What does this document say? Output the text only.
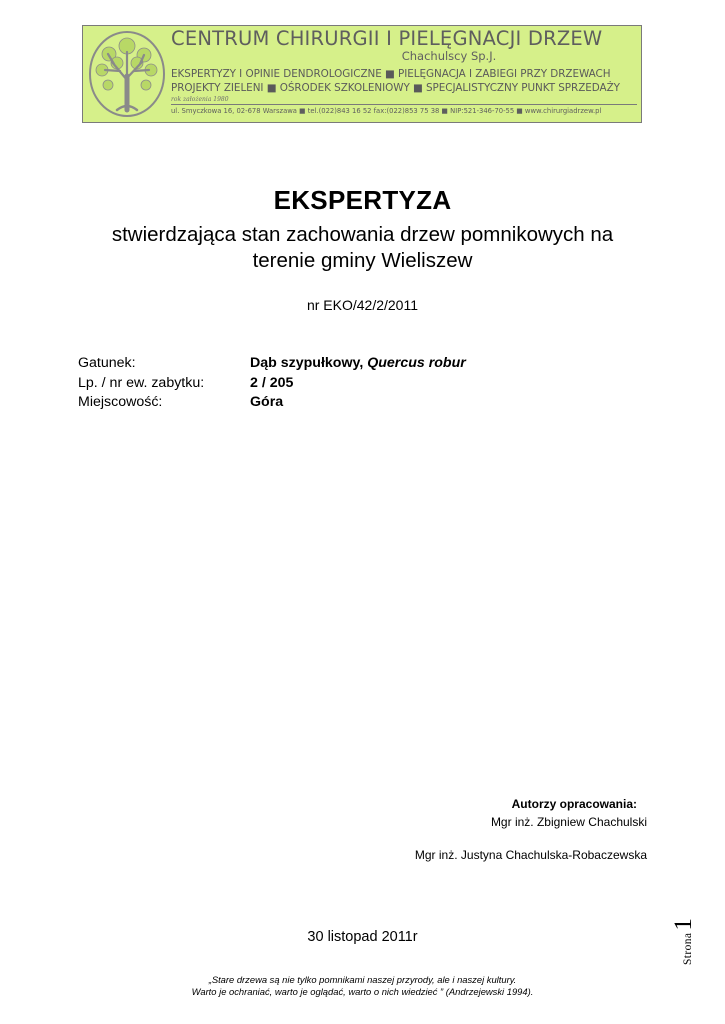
CENTRUM CHIRURGII I PIELĘGNACJI DRZEW
Chachulscy Sp.J.
EKSPERTYZY I OPINIE DENDROLOGICZNE ■ PIELĘGNACJA I ZABIEGI PRZY DRZEWACH
PROJEKTY ZIELENI ■ OŚRODEK SZKOLENIOWY ■ SPECJALISTYCZNY PUNKT SPRZEDAŻY
rok założenia 1980
ul. Smyczkowa 16, 02-678 Warszawa ■ tel.(022)843 16 52 fax:(022)853 75 38 ■ NIP:521-346-70-55 ■ www.chirurgiadrzew.pl
EKSPERTYZA
stwierdzająca stan zachowania drzew pomnikowych na terenie gminy Wieliszew
nr EKO/42/2/2011
Gatunek:	Dąb szypułkowy, Quercus robur
Lp. / nr ew. zabytku:	2 / 205
Miejscowość:	Góra
Autorzy opracowania:
Mgr inż. Zbigniew Chachulski
Mgr inż. Justyna Chachulska-Robaczewska
30 listopad 2011r
„Stare drzewa są nie tylko pomnikami naszej przyrody, ale i naszej kultury.
Warto je ochraniać, warto je oglądać, warto o nich wiedzieć ” (Andrzejewski 1994).
Strona
1
